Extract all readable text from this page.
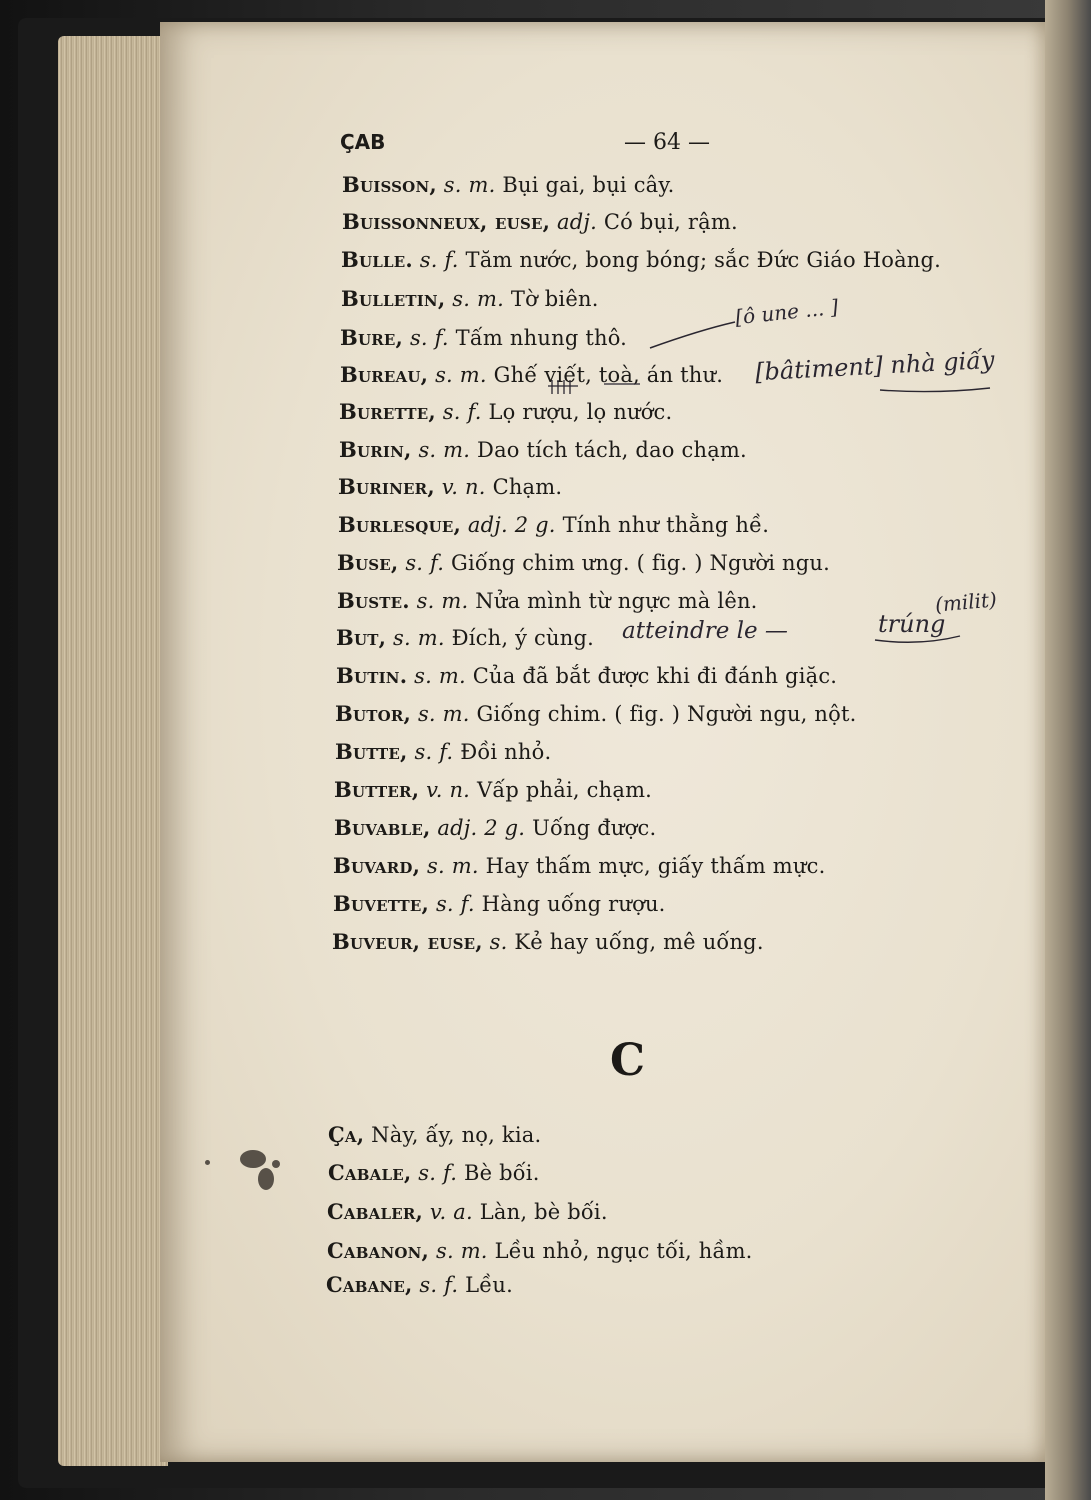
ÇAB	— 64 —
Buisson, s. m. Bụi gai, bụi cây.
Buissonneux, euse, adj. Có bụi, rậm.
Bulle. s. f. Tăm nước, bong bóng; sắc Đức Giáo Hoàng.
Bulletin, s. m. Tờ biên.
Bure, s. f. Tấm nhung thô.
Bureau, s. m. Ghế viết, toà, án thư.
Burette, s. f. Lọ rượu, lọ nước.
Burin, s. m. Dao tích tách, dao chạm.
Buriner, v. n. Chạm.
Burlesque, adj. 2 g. Tính như thằng hề.
Buse, s. f. Giống chim ưng. ( fig. ) Người ngu.
Buste. s. m. Nửa mình từ ngực mà lên.
But, s. m. Đích, ý cùng.
Butin. s. m. Của đã bắt được khi đi đánh giặc.
Butor, s. m. Giống chim. ( fig. ) Người ngu, nột.
Butte, s. f. Đồi nhỏ.
Butter, v. n. Vấp phải, chạm.
Buvable, adj. 2 g. Uống được.
Buvard, s. m. Hay thấm mực, giấy thấm mực.
Buvette, s. f. Hàng uống rượu.
Buveur, euse, s. Kẻ hay uống, mê uống.
C
Ça, Này, ấy, nọ, kia.
Cabale, s. f. Bè bối.
Cabaler, v. a. Làn, bè bối.
Cabanon, s. m. Lều nhỏ, ngục tối, hầm.
Cabane, s. f. Lều.
[ô une ... ]
[bâtiment] nhà giấy
atteindre le —	trúng
(milit)
